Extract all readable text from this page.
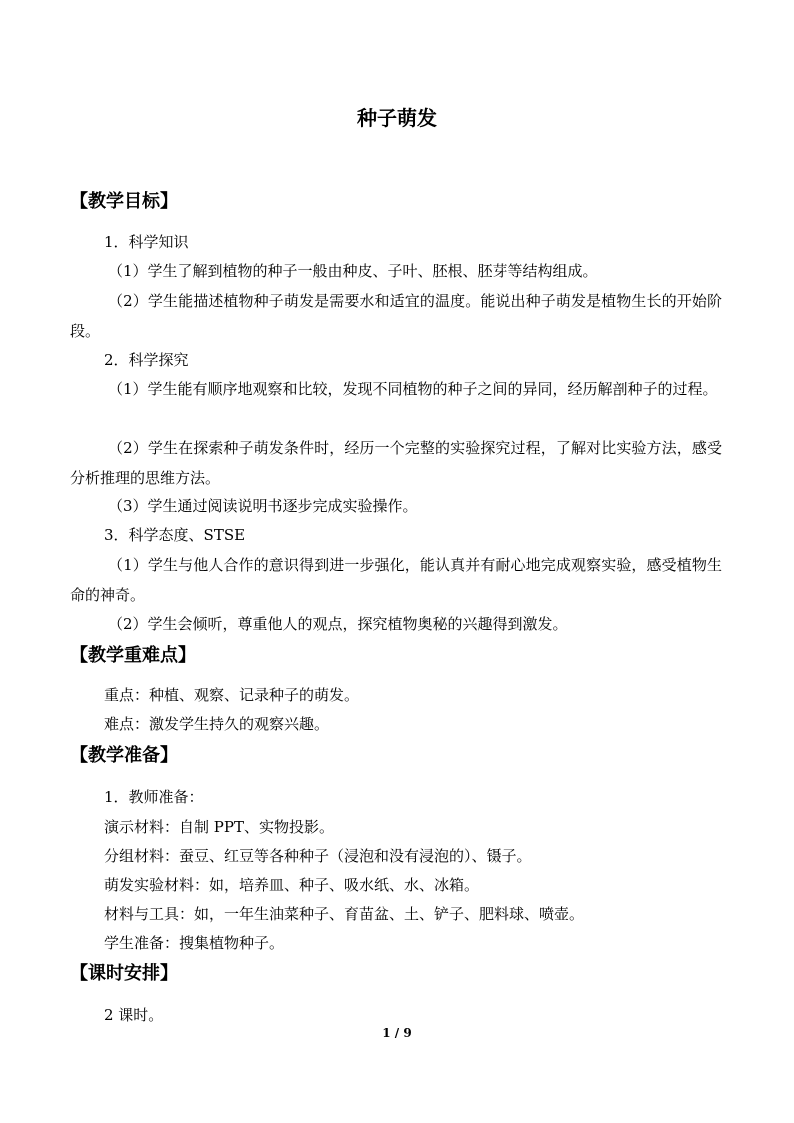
种子萌发
【教学目标】
1．科学知识
（1）学生了解到植物的种子一般由种皮、子叶、胚根、胚芽等结构组成。
（2）学生能描述植物种子萌发是需要水和适宜的温度。能说出种子萌发是植物生长的开始阶段。
2．科学探究
（1）学生能有顺序地观察和比较，发现不同植物的种子之间的异同，经历解剖种子的过程。
（2）学生在探索种子萌发条件时，经历一个完整的实验探究过程，了解对比实验方法，感受分析推理的思维方法。
（3）学生通过阅读说明书逐步完成实验操作。
3．科学态度、STSE
（1）学生与他人合作的意识得到进一步强化，能认真并有耐心地完成观察实验，感受植物生命的神奇。
（2）学生会倾听，尊重他人的观点，探究植物奥秘的兴趣得到激发。
【教学重难点】
重点：种植、观察、记录种子的萌发。
难点：激发学生持久的观察兴趣。
【教学准备】
1．教师准备：
演示材料：自制 PPT、实物投影。
分组材料：蚕豆、红豆等各种种子（浸泡和没有浸泡的）、镊子。
萌发实验材料：如，培养皿、种子、吸水纸、水、冰箱。
材料与工具：如，一年生油菜种子、育苗盆、土、铲子、肥料球、喷壶。
学生准备：搜集植物种子。
【课时安排】
2 课时。
1 / 9
